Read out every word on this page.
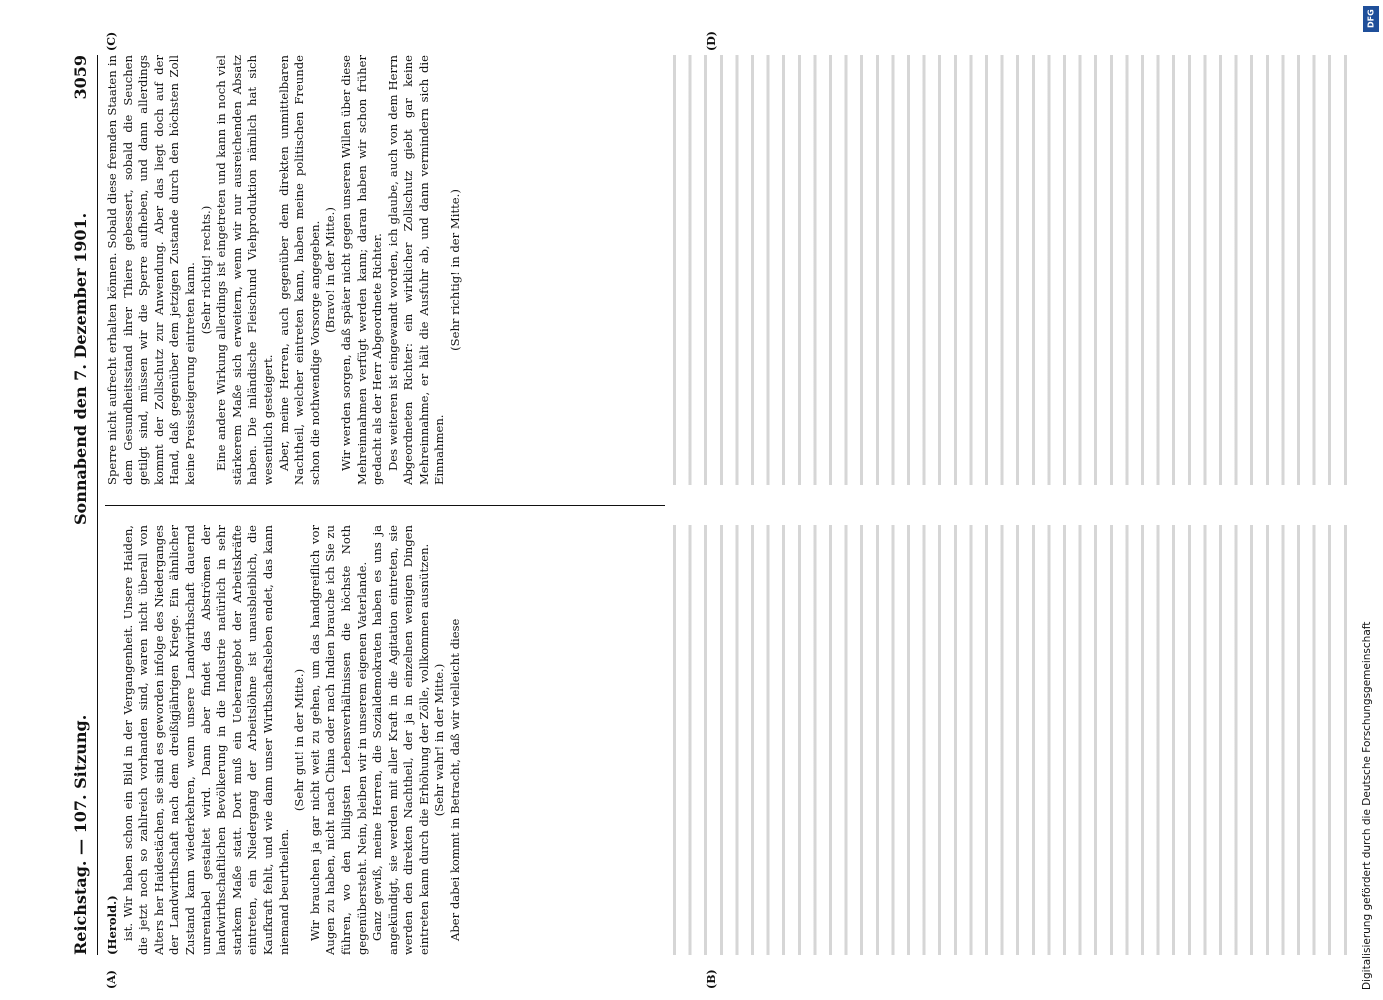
Reichstag. — 107. Sitzung.
Sonnabend den 7. Dezember 1901.
3059
(A)	(B)
(C)	(D)

(Herold.) ist. Wir haben schon ein Bild in der Vergangenheit. Unsere Haiden, die jetzt noch so zahlreich vorhanden sind, waren nicht überall von Alters her Haidestächen, sie sind es geworden infolge des Niederganges der Landwirthschaft nach dem dreißigjährigen Kriege. Ein ähnlicher Zustand kann wiederkehren, wenn unsere Landwirthschaft dauernd unrentabel gestaltet wird. Dann aber findet das Abströmen der landwirthschaftlichen Bevölkerung in die Industrie natürlich in sehr starkem Maße statt. Dort muß ein Ueberangebot der Arbeitskräfte eintreten, ein Niedergang der Arbeitslöhne ist unausbleiblich, die Kaufkraft fehlt, und wie dann unser Wirthschaftsleben endet, das kann niemand beurtheilen.

(Sehr gut! in der Mitte.) Wir brauchen ja gar nicht weit zu gehen, um das handgreiflich vor Augen zu haben, nicht nach China oder nach Indien brauche ich Sie zu führen, wo den billigsten Lebensverhältnissen die höchste Noth gegenübersteht. Nein, bleiben wir in unserem eigenen Vaterlande. Ganz gewiß, meine Herren, die Sozialdemokraten haben es uns ja angekündigt, sie werden mit aller Kraft in die Agitation eintreten, sie werden den direkten Nachtheil, der ja in einzelnen wenigen Dingen eintreten kann durch die Erhöhung der Zölle, vollkommen ausnützen. (Sehr wahr! in der Mitte.) Aber dabei kommt in Betracht, daß wir vielleicht diese

Sperre nicht aufrecht erhalten können. Sobald diese fremden Staaten in dem Gesundheitsstand ihrer Thiere gebessert, sobald die Seuchen getilgt sind, müssen wir die Sperre aufheben, und dann allerdings kommt der Zollschutz zur Anwendung. Aber das liegt doch auf der Hand, daß gegenüber dem jetzigen Zustande durch den höchsten Zoll keine Preissteigerung eintreten kann. (Sehr richtig! rechts.) Eine andere Wirkung allerdings ist eingetreten und kann in noch viel stärkerem Maße sich erweitern, wenn wir nur ausreichenden Absatz haben. Die inländische Fleischund Viehproduktion nämlich hat sich wesentlich gesteigert. Aber, meine Herren, auch gegenüber dem direkten unmittelbaren Nachtheil, welcher eintreten kann, haben meine politischen Freunde schon die nothwendige Vorsorge angegeben. (Bravo! in der Mitte.) Wir werden sorgen, daß später nicht gegen unseren Willen über diese Mehreinnahmen verfügt werden kann; daran haben wir schon früher gedacht als der Herr Abgeordnete Richter. Des weiteren ist eingewandt worden, ich glaube, auch von dem Herrn Abgeordneten Richter: ein wirklicher Zollschutz giebt gar keine Mehreinnahme, er hält die Ausfuhr ab, und dann vermindern sich die Einnahmen.

(Sehr richtig! in der Mitte.)

DFG
Digitalisierung gefördert durch die Deutsche Forschungsgemeinschaft
